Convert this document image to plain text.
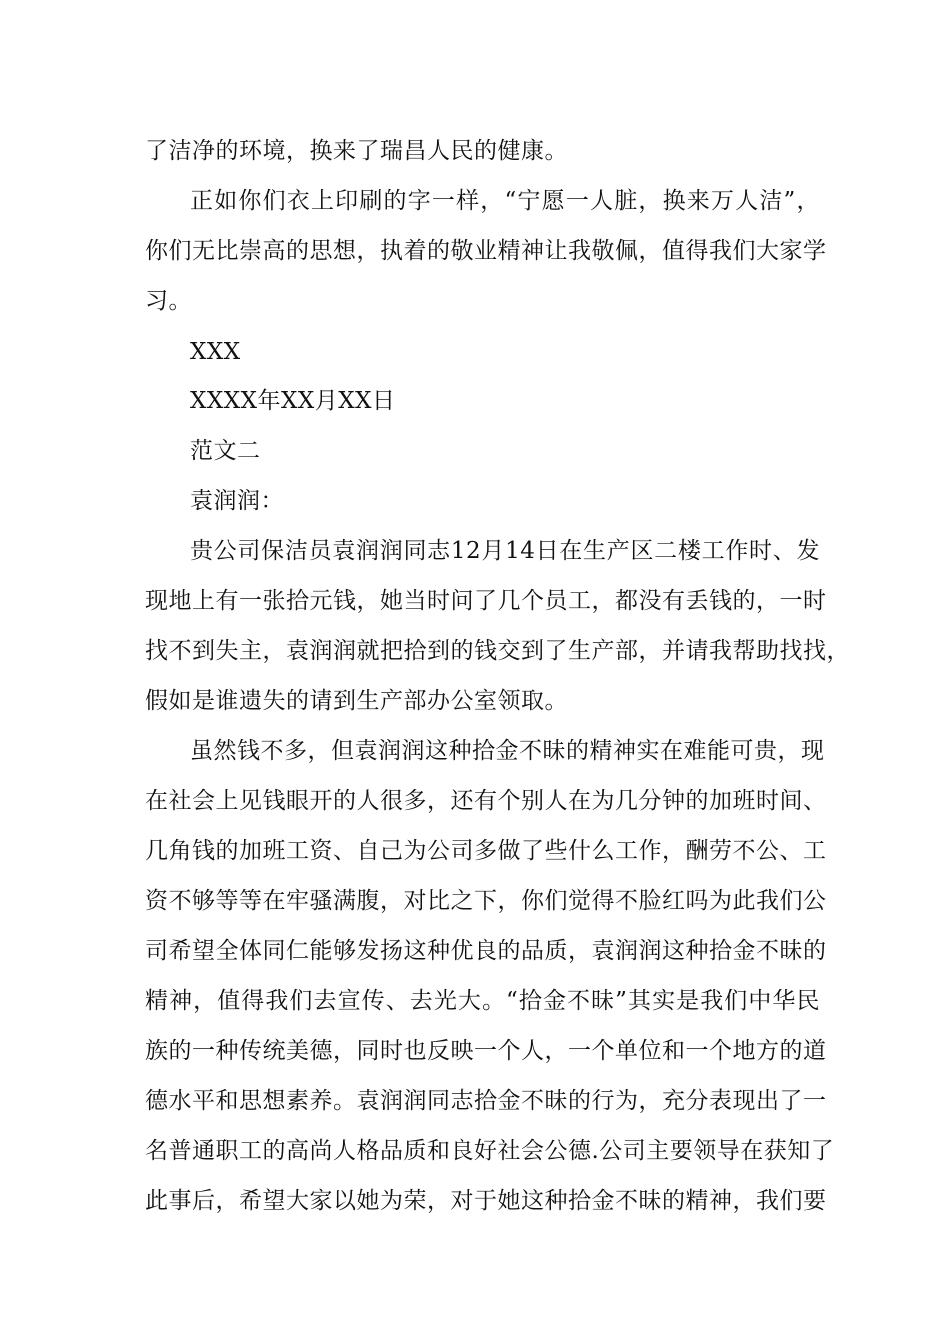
了洁净的环境，换来了瑞昌人民的健康。
正如你们衣上印刷的字一样，“宁愿一人脏，换来万人洁”，
你们无比崇高的思想，执着的敬业精神让我敬佩，值得我们大家学
习。
XXX
XXXX年XX月XX日
范文二
袁润润：
贵公司保洁员袁润润同志12月14日在生产区二楼工作时、发
现地上有一张拾元钱，她当时问了几个员工，都没有丢钱的，一时
找不到失主，袁润润就把拾到的钱交到了生产部，并请我帮助找找，
假如是谁遗失的请到生产部办公室领取。
虽然钱不多，但袁润润这种拾金不昧的精神实在难能可贵，现
在社会上见钱眼开的人很多，还有个别人在为几分钟的加班时间、
几角钱的加班工资、自己为公司多做了些什么工作，酬劳不公、工
资不够等等在牢骚满腹，对比之下，你们觉得不脸红吗为此我们公
司希望全体同仁能够发扬这种优良的品质，袁润润这种拾金不昧的
精神，值得我们去宣传、去光大。“拾金不昧”其实是我们中华民
族的一种传统美德，同时也反映一个人，一个单位和一个地方的道
德水平和思想素养。袁润润同志拾金不昧的行为，充分表现出了一
名普通职工的高尚人格品质和良好社会公德.公司主要领导在获知了
此事后，希望大家以她为荣，对于她这种拾金不昧的精神，我们要
